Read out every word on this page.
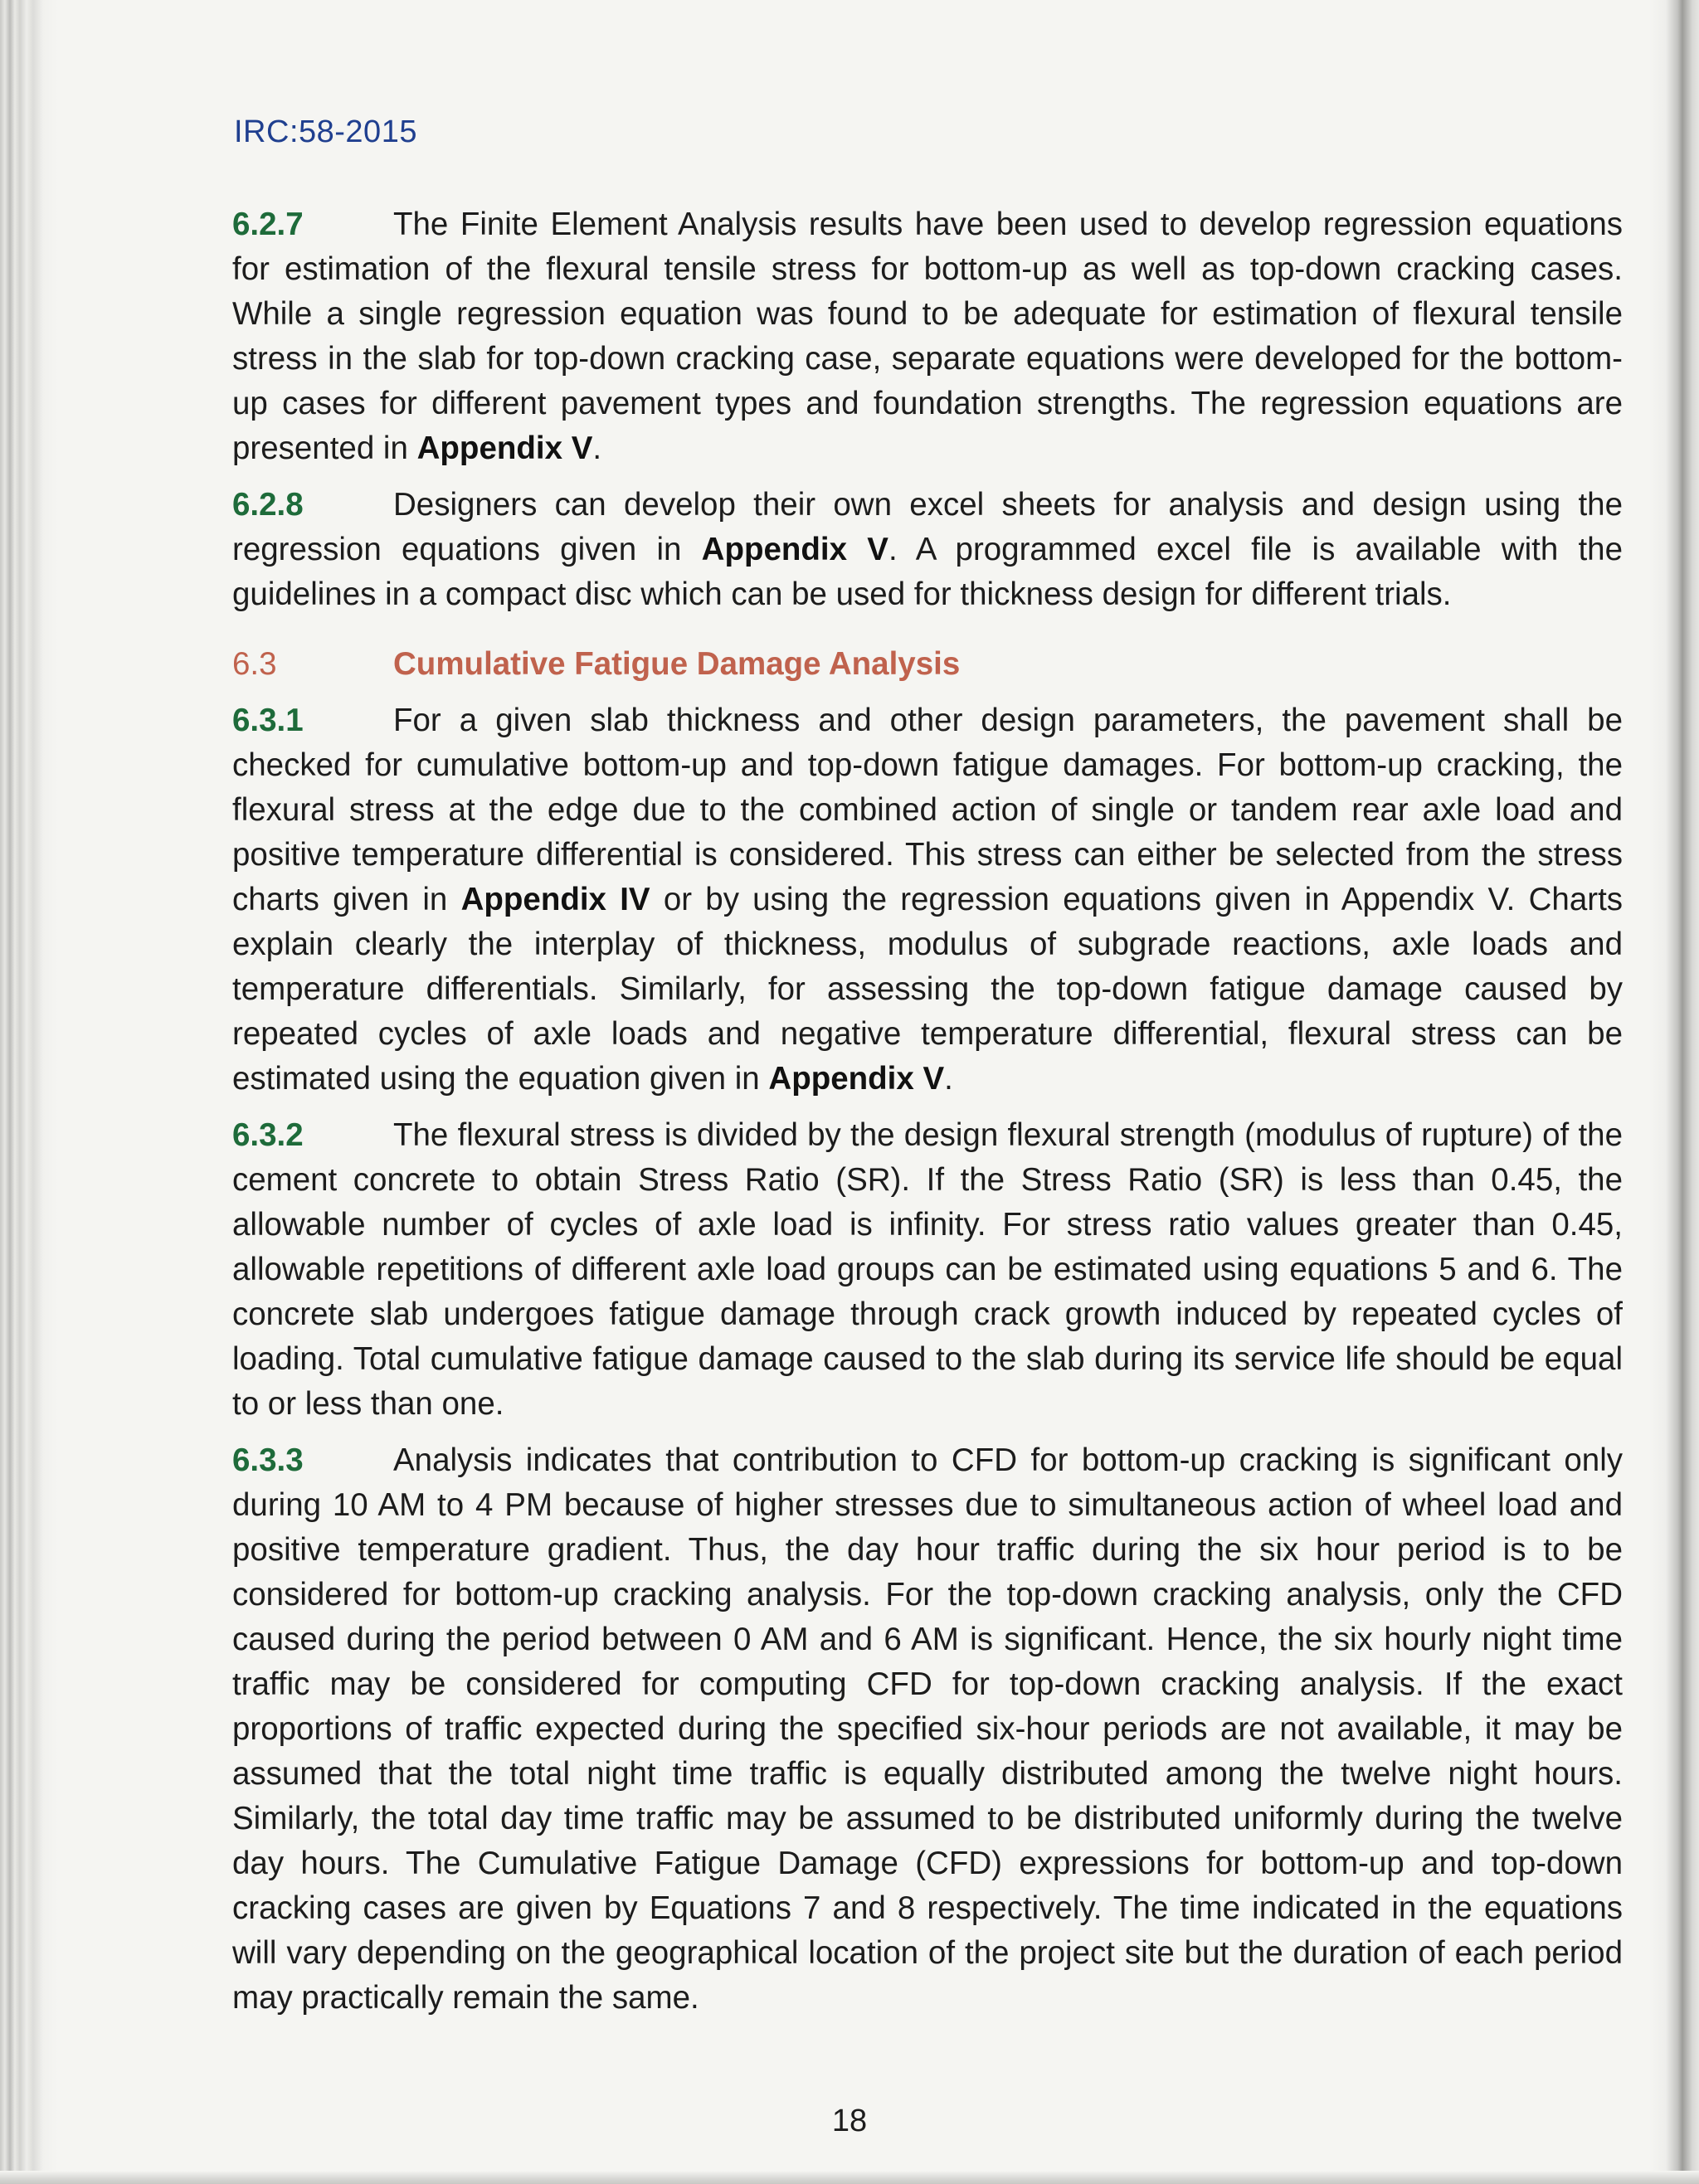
IRC:58-2015

6.2.7	The Finite Element Analysis results have been used to develop regression equations for estimation of the flexural tensile stress for bottom-up as well as top-down cracking cases. While a single regression equation was found to be adequate for estimation of flexural tensile stress in the slab for top-down cracking case, separate equations were developed for the bottom-up cases for different pavement types and foundation strengths. The regression equations are presented in Appendix V.

6.2.8	Designers can develop their own excel sheets for analysis and design using the regression equations given in Appendix V. A programmed excel file is available with the guidelines in a compact disc which can be used for thickness design for different trials.

6.3	Cumulative Fatigue Damage Analysis

6.3.1	For a given slab thickness and other design parameters, the pavement shall be checked for cumulative bottom-up and top-down fatigue damages. For bottom-up cracking, the flexural stress at the edge due to the combined action of single or tandem rear axle load and positive temperature differential is considered. This stress can either be selected from the stress charts given in Appendix IV or by using the regression equations given in Appendix V. Charts explain clearly the interplay of thickness, modulus of subgrade reactions, axle loads and temperature differentials. Similarly, for assessing the top-down fatigue damage caused by repeated cycles of axle loads and negative temperature differential, flexural stress can be estimated using the equation given in Appendix V.

6.3.2	The flexural stress is divided by the design flexural strength (modulus of rupture) of the cement concrete to obtain Stress Ratio (SR). If the Stress Ratio (SR) is less than 0.45, the allowable number of cycles of axle load is infinity. For stress ratio values greater than 0.45, allowable repetitions of different axle load groups can be estimated using equations 5 and 6. The concrete slab undergoes fatigue damage through crack growth induced by repeated cycles of loading. Total cumulative fatigue damage caused to the slab during its service life should be equal to or less than one.

6.3.3	Analysis indicates that contribution to CFD for bottom-up cracking is significant only during 10 AM to 4 PM because of higher stresses due to simultaneous action of wheel load and positive temperature gradient. Thus, the day hour traffic during the six hour period is to be considered for bottom-up cracking analysis. For the top-down cracking analysis, only the CFD caused during the period between 0 AM and 6 AM is significant. Hence, the six hourly night time traffic may be considered for computing CFD for top-down cracking analysis. If the exact proportions of traffic expected during the specified six-hour periods are not available, it may be assumed that the total night time traffic is equally distributed among the twelve night hours. Similarly, the total day time traffic may be assumed to be distributed uniformly during the twelve day hours. The Cumulative Fatigue Damage (CFD) expressions for bottom-up and top-down cracking cases are given by Equations 7 and 8 respectively. The time indicated in the equations will vary depending on the geographical location of the project site but the duration of each period may practically remain the same.

18
